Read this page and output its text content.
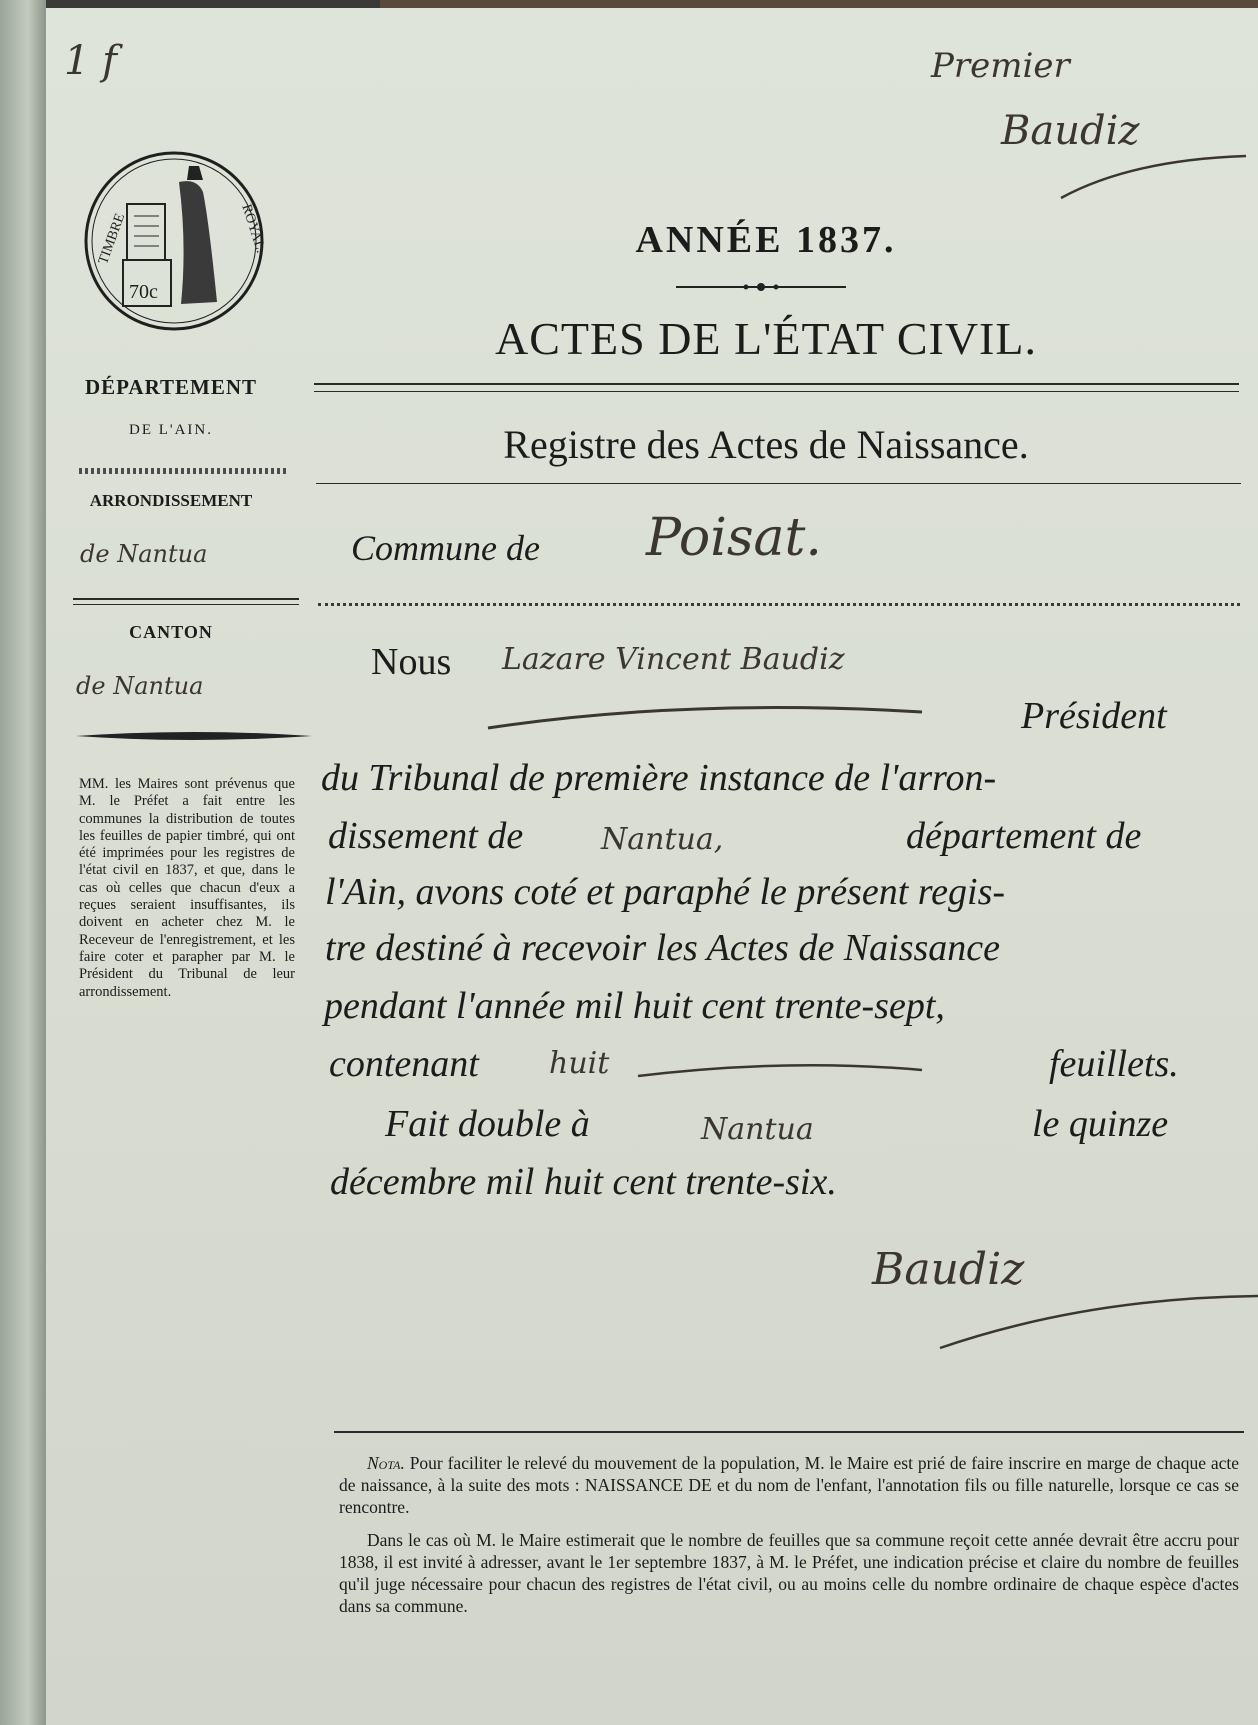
1 f	Premier
Baudiz
TIMBRE	ROYAL.
70c
DÉPARTEMENT
DE L'AIN.
ARRONDISSEMENT
de Nantua
CANTON
de Nantua
MM. les Maires sont prévenus que M. le Préfet a fait entre les communes la distribution de toutes les feuilles de papier timbré, qui ont été imprimées pour les registres de l'état civil en 1837, et que, dans le cas où celles que chacun d'eux a reçues seraient insuffisantes, ils doivent en acheter chez M. le Receveur de l'enregistrement, et les faire coter et parapher par M. le Président du Tribunal de leur arrondissement.
ANNÉE 1837.
ACTES DE L'ÉTAT CIVIL.
Registre des Actes de Naissance.
Commune de Poisat.
Nous Lazare Vincent Baudiz
Président
du Tribunal de première instance de l'arron-
dissement de	Nantua,	département de
l'Ain, avons coté et paraphé le présent regis-
tre destiné à recevoir les Actes de Naissance
pendant l'année mil huit cent trente-sept,
contenant huit	feuillets.
Fait double à	Nantua	le quinze
décembre mil huit cent trente-six.
Baudiz
Nota. Pour faciliter le relevé du mouvement de la population, M. le Maire est prié de faire inscrire en marge de chaque acte de naissance, à la suite des mots : NAISSANCE DE et du nom de l'enfant, l'annotation fils ou fille naturelle, lorsque ce cas se rencontre.
Dans le cas où M. le Maire estimerait que le nombre de feuilles que sa commune reçoit cette année devrait être accru pour 1838, il est invité à adresser, avant le 1er septembre 1837, à M. le Préfet, une indication précise et claire du nombre de feuilles qu'il juge nécessaire pour chacun des registres de l'état civil, ou au moins celle du nombre ordinaire de chaque espèce d'actes dans sa commune.
